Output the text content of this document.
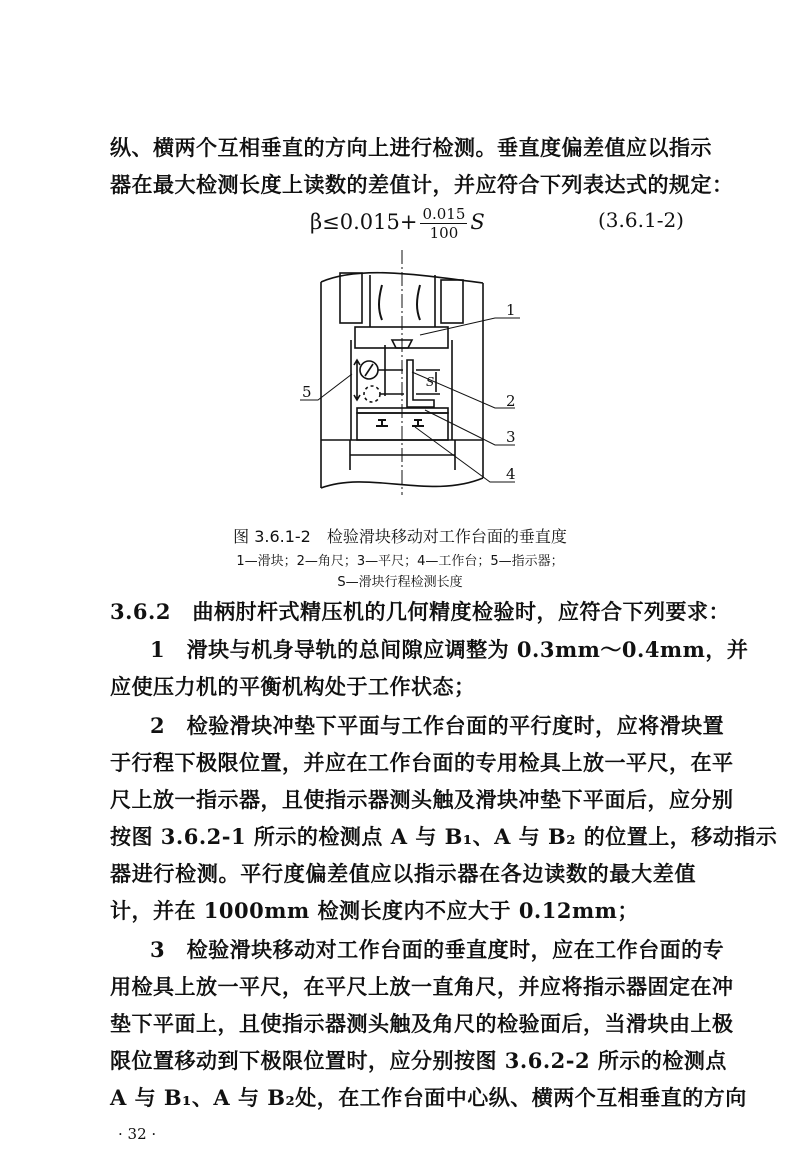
纵、横两个互相垂直的方向上进行检测。垂直度偏差值应以指示
器在最大检测长度上读数的差值计，并应符合下列表达式的规定：
$\beta\le 0.015+ \frac{0.015}{100}$ S	(3.6.1-2)
S
1
2
3
4
5
图 3.6.1-2　检验滑块移动对工作台面的垂直度
1—滑块；2—角尺；3—平尺；4—工作台；5—指示器；
S—滑块行程检测长度
3.6.2　曲柄肘杆式精压机的几何精度检验时，应符合下列要求：
1　滑块与机身导轨的总间隙应调整为 0.3mm～0.4mm，并
应使压力机的平衡机构处于工作状态；
2　检验滑块冲垫下平面与工作台面的平行度时，应将滑块置
于行程下极限位置，并应在工作台面的专用检具上放一平尺，在平
尺上放一指示器，且使指示器测头触及滑块冲垫下平面后，应分别
按图 3.6.2-1 所示的检测点 A 与 B₁、A 与 B₂ 的位置上，移动指示
器进行检测。平行度偏差值应以指示器在各边读数的最大差值
计，并在 1000mm 检测长度内不应大于 0.12mm；
3　检验滑块移动对工作台面的垂直度时，应在工作台面的专
用检具上放一平尺，在平尺上放一直角尺，并应将指示器固定在冲
垫下平面上，且使指示器测头触及角尺的检验面后，当滑块由上极
限位置移动到下极限位置时，应分别按图 3.6.2-2 所示的检测点
A 与 B₁、A 与 B₂处，在工作台面中心纵、横两个互相垂直的方向
· 32 ·
